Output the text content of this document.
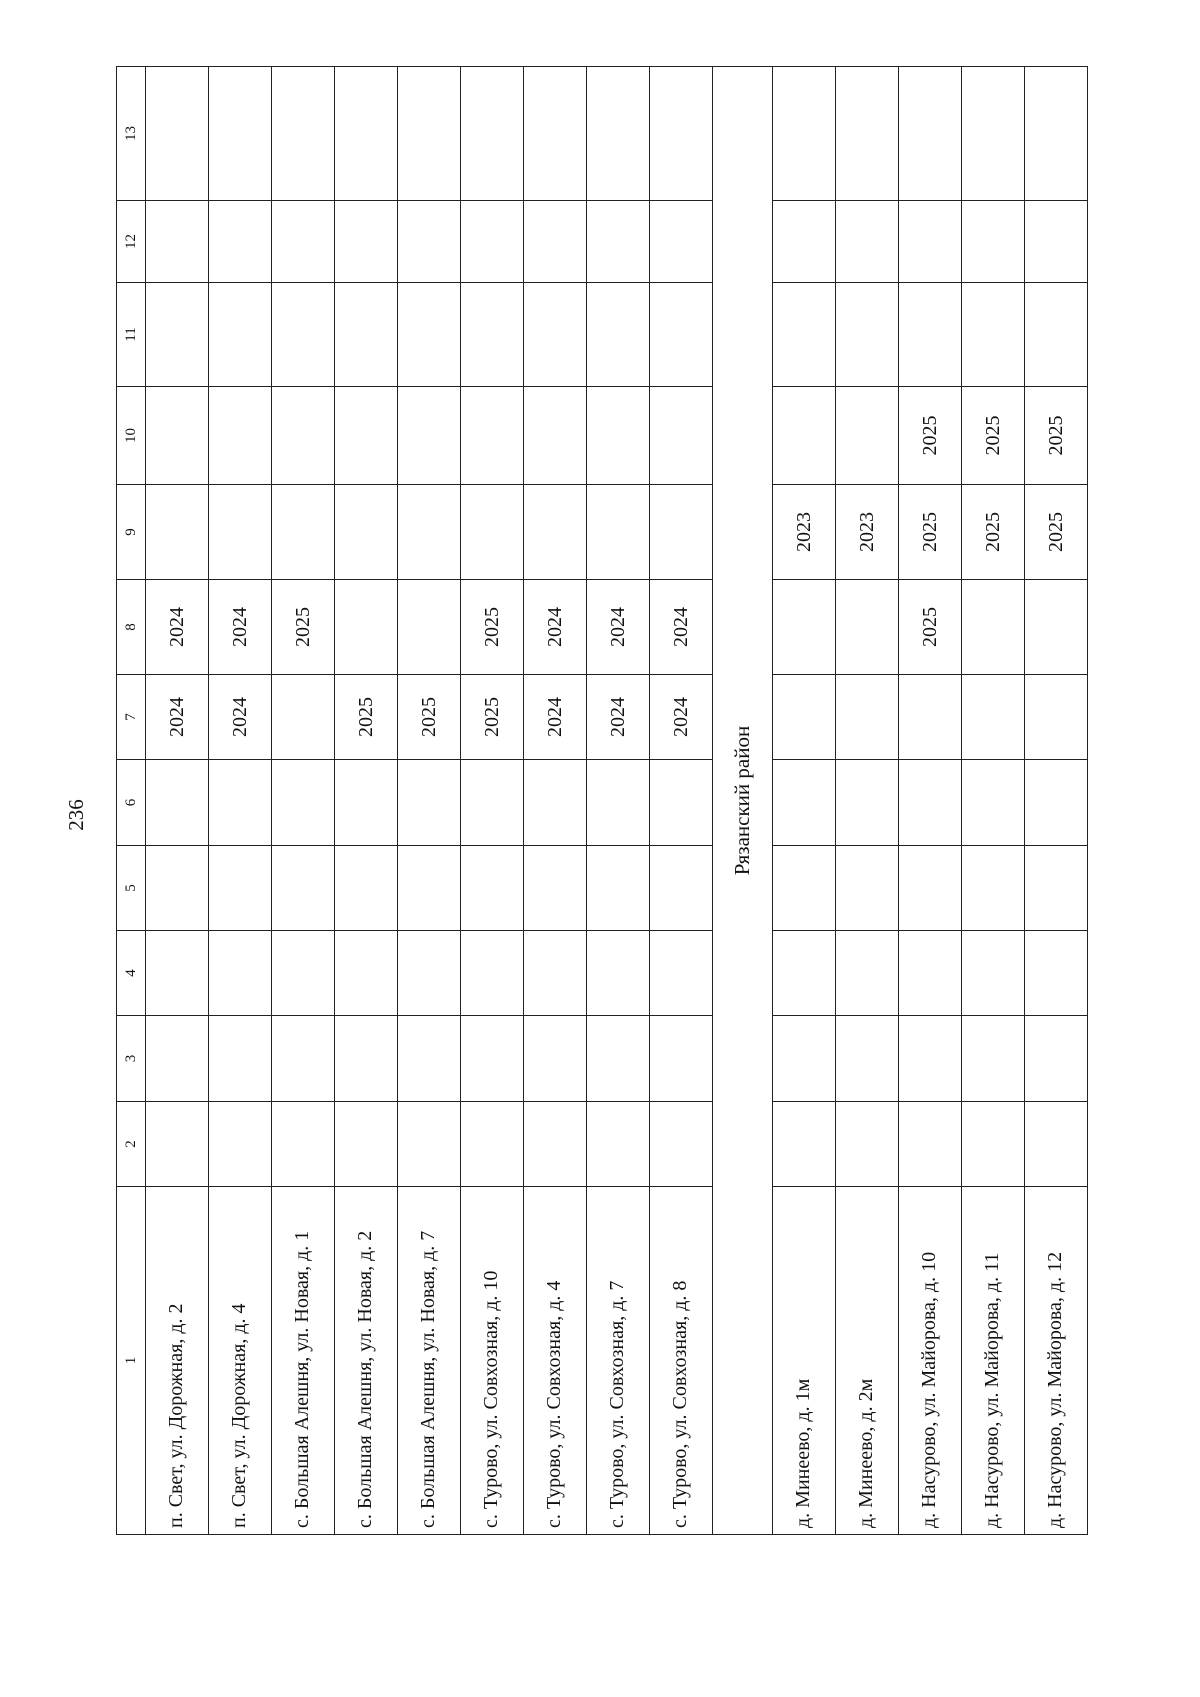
236
1	2	3	4	5	6	7	8	9	10	11	12	13
п. Свет, ул. Дорожная, д. 2						2024	2024					
п. Свет, ул. Дорожная, д. 4						2024	2024					
с. Большая Алешня, ул. Новая, д. 1							2025					
с. Большая Алешня, ул. Новая, д. 2						2025						
с. Большая Алешня, ул. Новая, д. 7						2025						
с. Турово, ул. Совхозная, д. 10						2025	2025					
с. Турово, ул. Совхозная, д. 4						2024	2024					
с. Турово, ул. Совхозная, д. 7						2024	2024					
с. Турово, ул. Совхозная, д. 8						2024	2024					
Рязанский район												
д. Минеево, д. 1м								2023				
д. Минеево, д. 2м								2023				
д. Насурово, ул. Майорова, д. 10							2025	2025	2025			
д. Насурово, ул. Майорова, д. 11								2025	2025			
д. Насурово, ул. Майорова, д. 12								2025	2025			
